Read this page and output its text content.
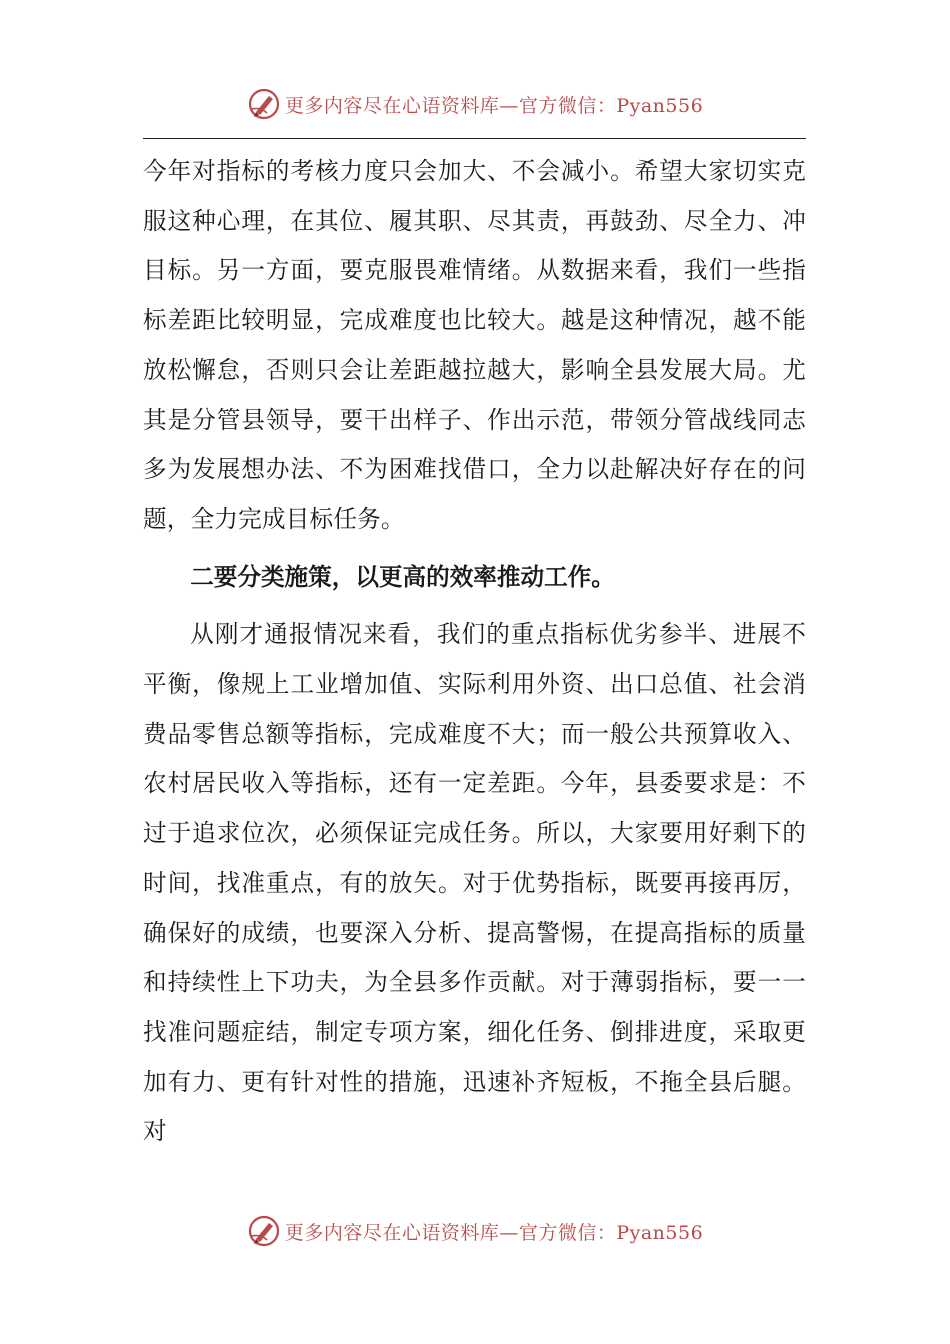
更多内容尽在心语资料库—官方微信：Pyan556

今年对指标的考核力度只会加大、不会减小。希望大家切实克服这种心理，在其位、履其职、尽其责，再鼓劲、尽全力、冲目标。另一方面，要克服畏难情绪。从数据来看，我们一些指标差距比较明显，完成难度也比较大。越是这种情况，越不能放松懈怠，否则只会让差距越拉越大，影响全县发展大局。尤其是分管县领导，要干出样子、作出示范，带领分管战线同志多为发展想办法、不为困难找借口，全力以赴解决好存在的问题，全力完成目标任务。

二要分类施策，以更高的效率推动工作。

从刚才通报情况来看，我们的重点指标优劣参半、进展不平衡，像规上工业增加值、实际利用外资、出口总值、社会消费品零售总额等指标，完成难度不大；而一般公共预算收入、农村居民收入等指标，还有一定差距。今年，县委要求是：不过于追求位次，必须保证完成任务。所以，大家要用好剩下的时间，找准重点，有的放矢。对于优势指标，既要再接再厉，确保好的成绩，也要深入分析、提高警惕，在提高指标的质量和持续性上下功夫，为全县多作贡献。对于薄弱指标，要一一找准问题症结，制定专项方案，细化任务、倒排进度，采取更加有力、更有针对性的措施，迅速补齐短板，不拖全县后腿。对

更多内容尽在心语资料库—官方微信：Pyan556
